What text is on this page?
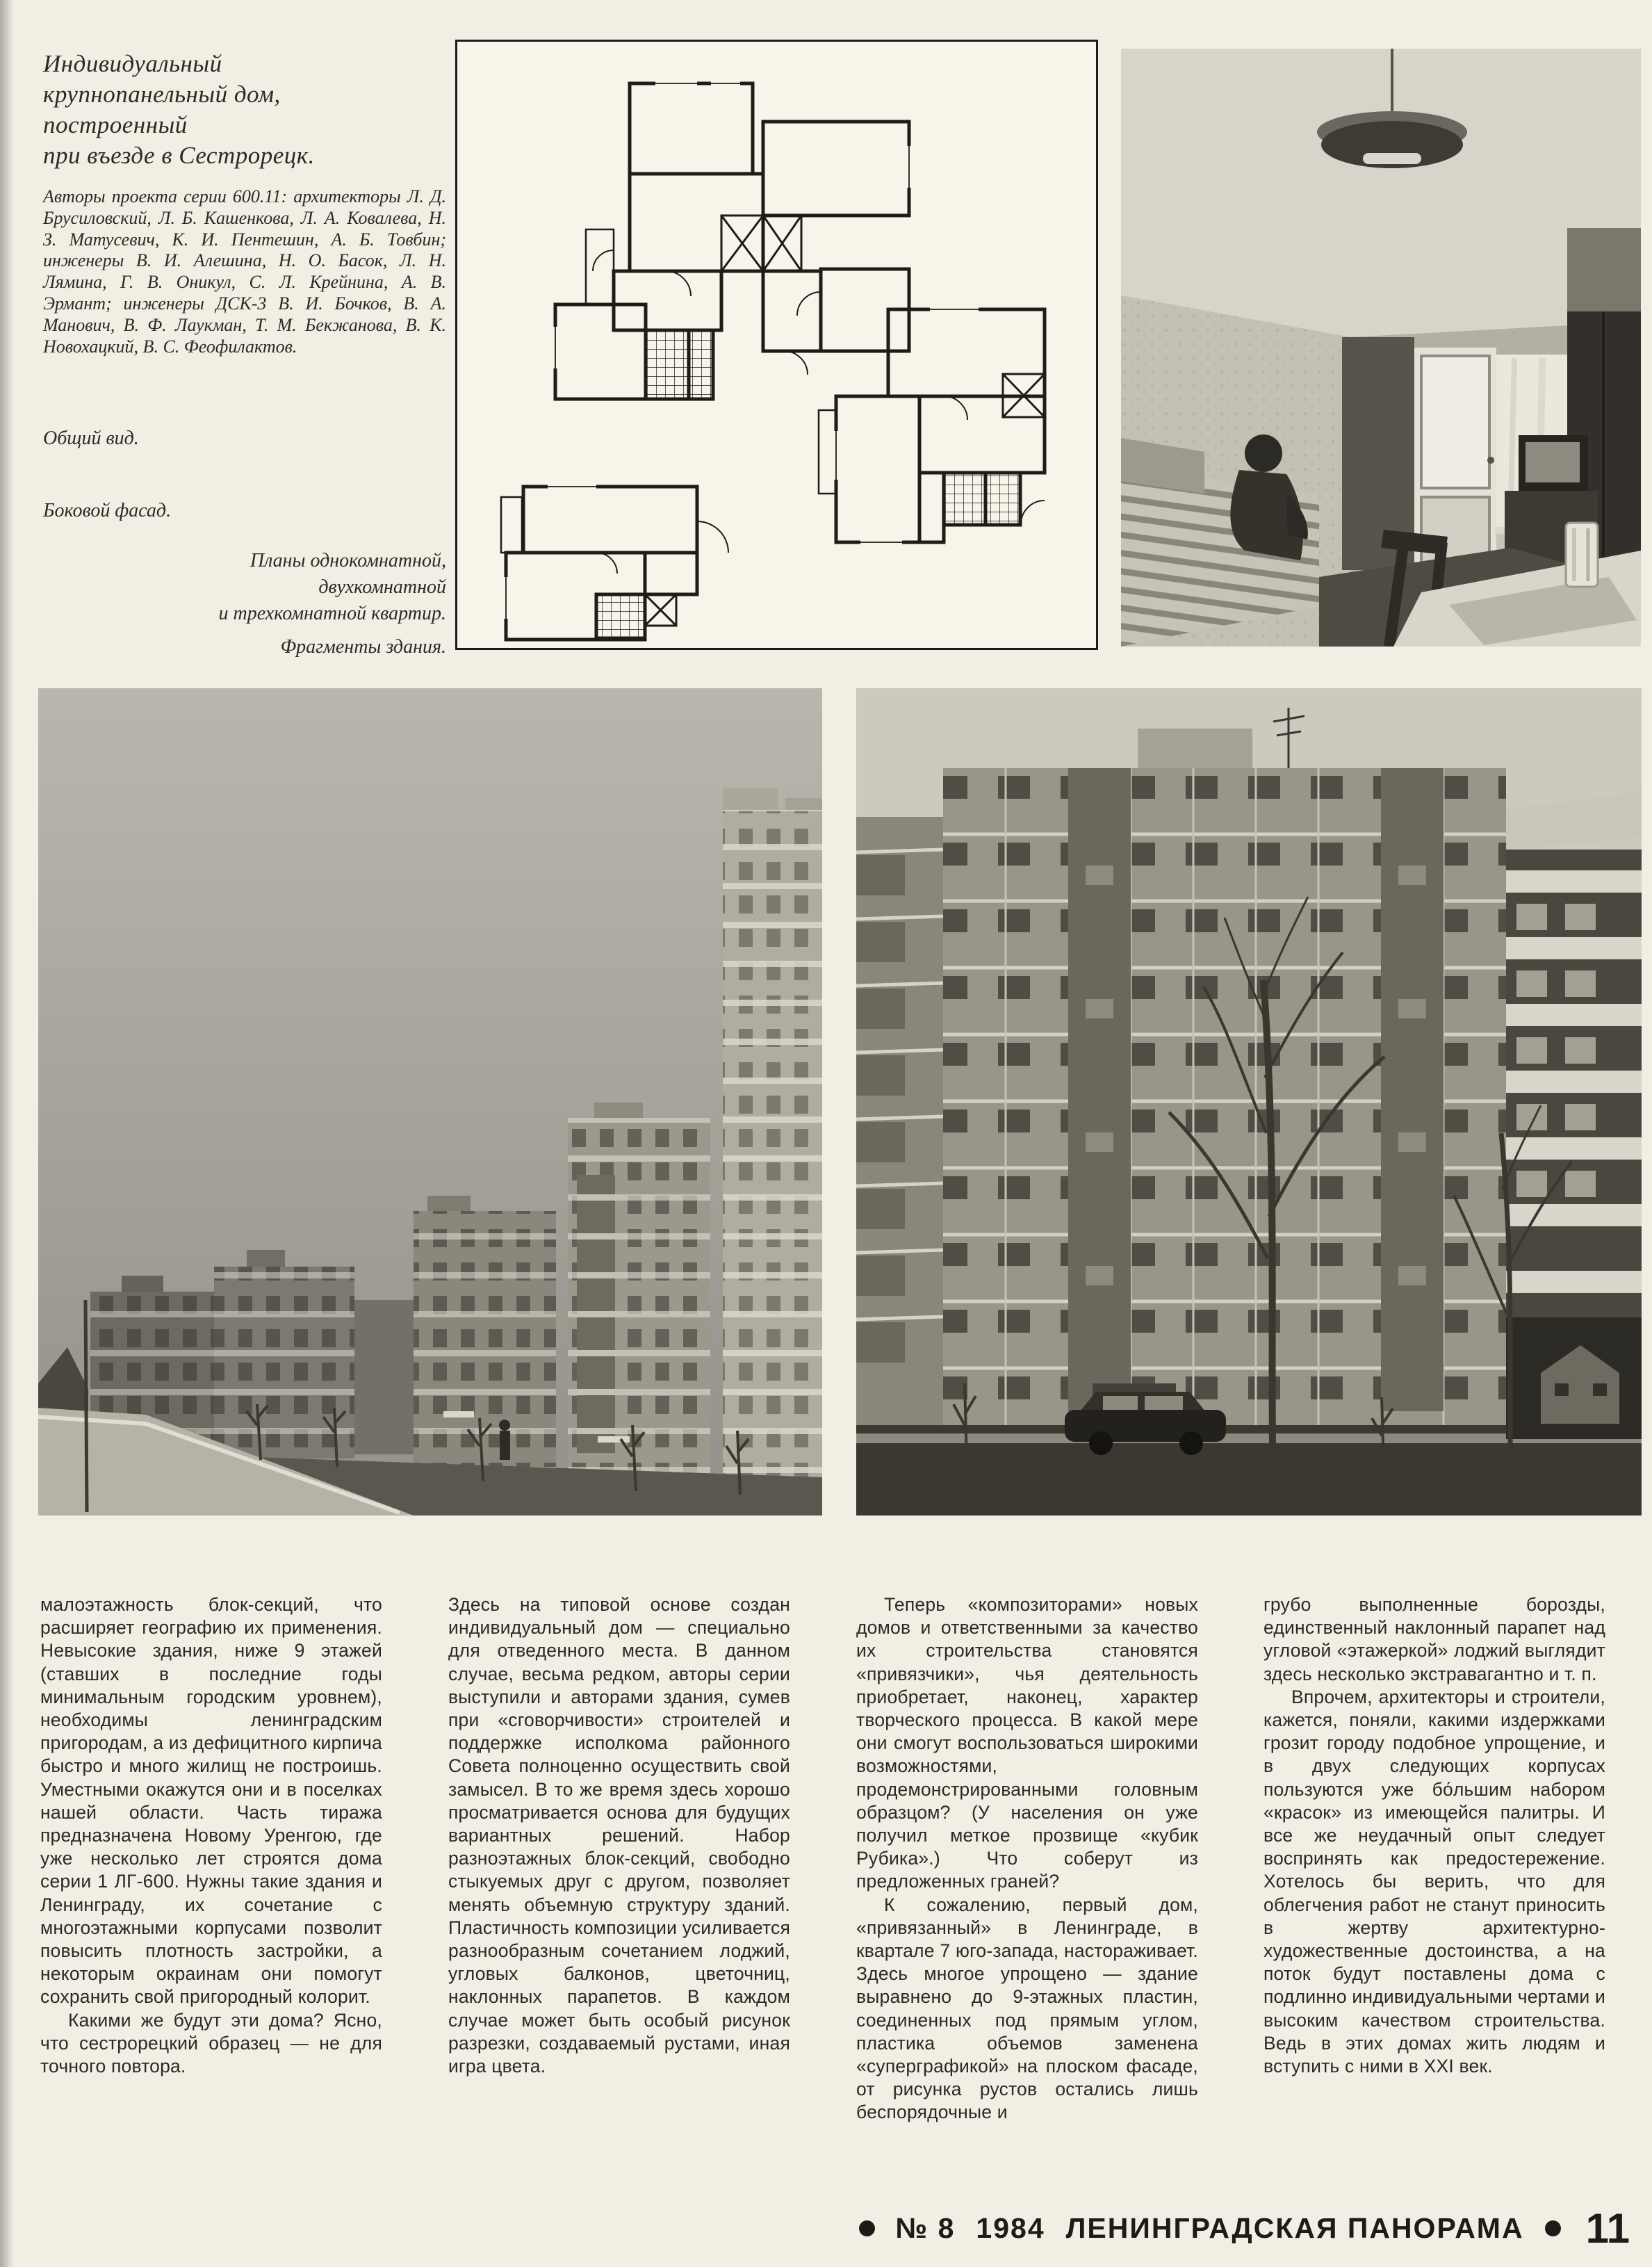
Индивидуальный
крупнопанельный дом,
построенный
при въезде в Сестрорецк.
Авторы проекта серии 600.11: архитекторы Л. Д. Брусиловский, Л. Б. Кашенкова, Л. А. Ковалева, Н. З. Матусевич, К. И. Пентешин, А. Б. Товбин; инженеры В. И. Алешина, Н. О. Басок, Л. Н. Лямина, Г. В. Оникул, С. Л. Крейнина, А. В. Эрмант; инженеры ДСК-3 В. И. Бочков, В. А. Манович, В. Ф. Лаукман, Т. М. Бекжанова, В. К. Новохацкий, В. С. Феофилактов.
Общий вид.
Боковой фасад.
Планы однокомнатной,
двухкомнатной
и трехкомнатной квартир.
Фрагменты здания.

малоэтажность блок-секций, что расширяет географию их применения. Невысокие здания, ниже 9 этажей (ставших в последние годы минимальным городским уровнем), необходимы ленинградским пригородам, а из дефицитного кирпича быстро и много жилищ не построишь. Уместными окажутся они и в поселках нашей области. Часть тиража предназначена Новому Уренгою, где уже несколько лет строятся дома серии 1 ЛГ-600. Нужны такие здания и Ленинграду, их сочетание с многоэтажными корпусами позволит повысить плотность застройки, а некоторым окраинам они помогут сохранить свой пригородный колорит.

Какими же будут эти дома? Ясно, что сестрорецкий образец — не для точного повтора.

Здесь на типовой основе создан индивидуальный дом — специально для отведенного места. В данном случае, весьма редком, авторы серии выступили и авторами здания, сумев при «сговорчивости» строителей и поддержке исполкома районного Совета полноценно осуществить свой замысел. В то же время здесь хорошо просматривается основа для будущих вариантных решений. Набор разноэтажных блок-секций, свободно стыкуемых друг с другом, позволяет менять объемную структуру зданий. Пластичность композиции усиливается разнообразным сочетанием лоджий, угловых балконов, цветочниц, наклонных парапетов. В каждом случае может быть особый рисунок разрезки, создаваемый рустами, иная игра цвета.

Теперь «композиторами» новых домов и ответственными за качество их строительства становятся «привязчики», чья деятельность приобретает, наконец, характер творческого процесса. В какой мере они смогут воспользоваться широкими возможностями, продемонстрированными головным образцом? (У населения он уже получил меткое прозвище «кубик Рубика».) Что соберут из предложенных граней?

К сожалению, первый дом, «привязанный» в Ленинграде, в квартале 7 юго-запада, настораживает. Здесь многое упрощено — здание выравнено до 9-этажных пластин, соединенных под прямым углом, пластика объемов заменена «суперграфикой» на плоском фасаде, от рисунка рустов остались лишь беспорядочные и

грубо выполненные борозды, единственный наклонный парапет над угловой «этажеркой» лоджий выглядит здесь несколько экстравагантно и т. п.

Впрочем, архитекторы и строители, кажется, поняли, какими издержками грозит городу подобное упрощение, и в двух следующих корпусах пользуются уже бо́льшим набором «красок» из имеющейся палитры. И все же неудачный опыт следует воспринять как предостережение. Хотелось бы верить, что для облегчения работ не станут приносить в жертву архитектурно-художественные достоинства, а на поток будут поставлены дома с подлинно индивидуальными чертами и высоким качеством строительства. Ведь в этих домах жить людям и вступить с ними в XXI век.

№ 8 1984 ЛЕНИНГРАДСКАЯ ПАНОРАМА 11
